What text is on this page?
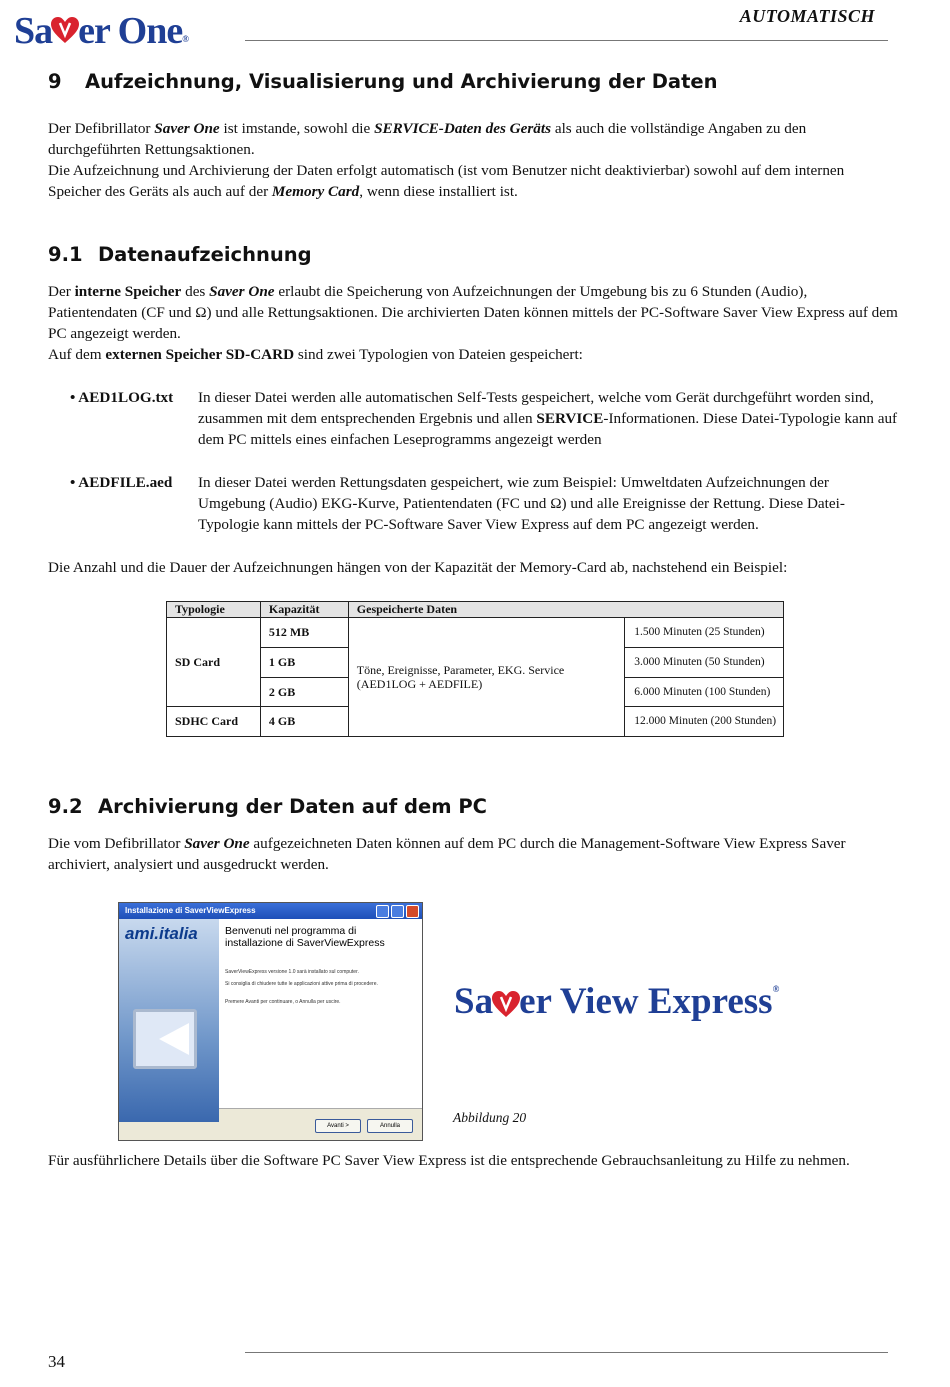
Sa er One®
AUTOMATISCH
9 Aufzeichnung, Visualisierung und Archivierung der Daten
Der Defibrillator Saver One ist imstande, sowohl die SERVICE-Daten des Geräts als auch die vollständige Angaben zu den durchgeführten Rettungsaktionen.
Die Aufzeichnung und Archivierung der Daten erfolgt automatisch (ist vom Benutzer nicht deaktivierbar) sowohl auf dem internen Speicher des Geräts als auch auf der Memory Card, wenn diese installiert ist.
9.1 Datenaufzeichnung
Der interne Speicher des Saver One erlaubt die Speicherung von Aufzeichnungen der Umgebung bis zu 6 Stunden (Audio), Patientendaten (CF und Ω) und alle Rettungsaktionen. Die archivierten Daten können mittels der PC-Software Saver View Express auf dem PC angezeigt werden.
Auf dem externen Speicher SD-CARD sind zwei Typologien von Dateien gespeichert:
• AED1LOG.txt In dieser Datei werden alle automatischen Self-Tests gespeichert, welche vom Gerät durchgeführt worden sind, zusammen mit dem entsprechenden Ergebnis und allen SERVICE-Informationen. Diese Datei-Typologie kann auf dem PC mittels eines einfachen Leseprogramms angezeigt werden
• AEDFILE.aed In dieser Datei werden Rettungsdaten gespeichert, wie zum Beispiel: Umweltdaten Aufzeichnungen der Umgebung (Audio) EKG-Kurve, Patientendaten (FC und Ω) und alle Ereignisse der Rettung. Diese Datei-Typologie kann mittels der PC-Software Saver View Express auf dem PC angezeigt werden.
Die Anzahl und die Dauer der Aufzeichnungen hängen von der Kapazität der Memory-Card ab, nachstehend ein Beispiel:
Typologie	Kapazität	Gespeicherte Daten	
SD Card	512 MB	Töne, Ereignisse, Parameter, EKG. Service (AED1LOG + AEDFILE)	1.500 Minuten (25 Stunden)
	1 GB		3.000 Minuten (50 Stunden)
	2 GB		6.000 Minuten (100 Stunden)
SDHC Card	4 GB		12.000 Minuten (200 Stunden)
9.2 Archivierung der Daten auf dem PC
Die vom Defibrillator Saver One aufgezeichneten Daten können auf dem PC durch die Management-Software View Express Saver archiviert, analysiert und ausgedruckt werden.
Installazione di SaverViewExpress
ami.italia	Benvenuti nel programma di installazione di SaverViewExpress
SaverViewExpress versione 1.0 sarà installato sul computer.
Si consiglia di chiudere tutte le applicazioni attive prima di procedere.
Premere Avanti per continuare, o Annulla per uscire.
Avanti >	Annulla
Sa er View Express®
Abbildung 20
Für ausführlichere Details über die Software PC Saver View Express ist die entsprechende Gebrauchsanleitung zu Hilfe zu nehmen.
34
